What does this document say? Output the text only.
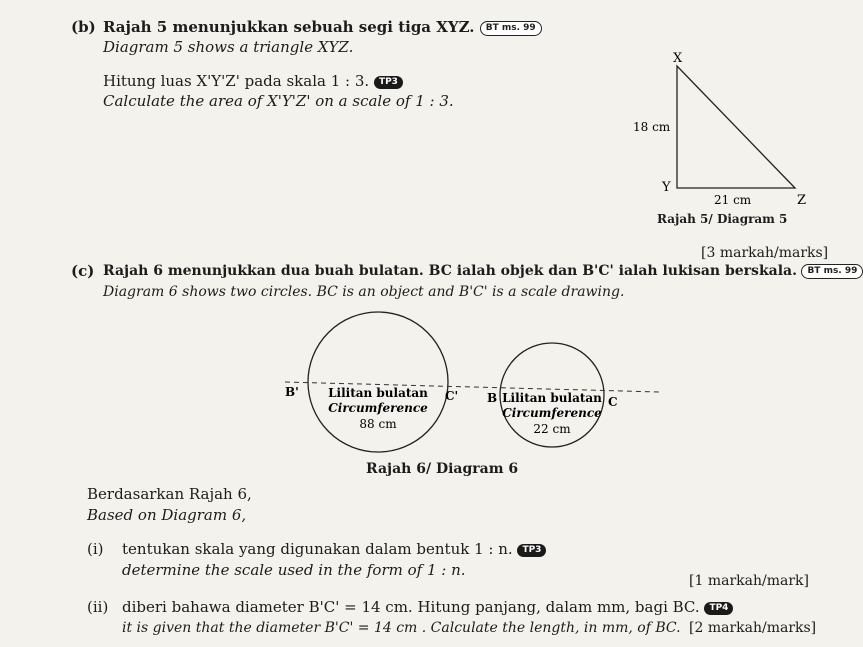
(b) Rajah 5 menunjukkan sebuah segi tiga XYZ. BT ms. 99
Diagram 5 shows a triangle XYZ.
Hitung luas X'Y'Z' pada skala 1 : 3. TP3
Calculate the area of X'Y'Z' on a scale of 1 : 3.
X
Y
Z
18 cm
21 cm
Rajah 5/ Diagram 5
[3 markah/marks]
(c) Rajah 6 menunjukkan dua buah bulatan. BC ialah objek dan B'C' ialah lukisan berskala. BT ms. 99
Diagram 6 shows two circles. BC is an object and B'C' is a scale drawing.
B'	C'
Lilitan bulatan
Circumference
88 cm
B	C
Lilitan bulatan
Circumference
22 cm
Rajah 6/ Diagram 6
Berdasarkan Rajah 6,
Based on Diagram 6,
(i) tentukan skala yang digunakan dalam bentuk 1 : n. TP3
determine the scale used in the form of 1 : n.
[1 markah/mark]
(ii) diberi bahawa diameter B'C' = 14 cm. Hitung panjang, dalam mm, bagi BC. TP4
it is given that the diameter B'C' = 14 cm . Calculate the length, in mm, of BC. [2 markah/marks]
